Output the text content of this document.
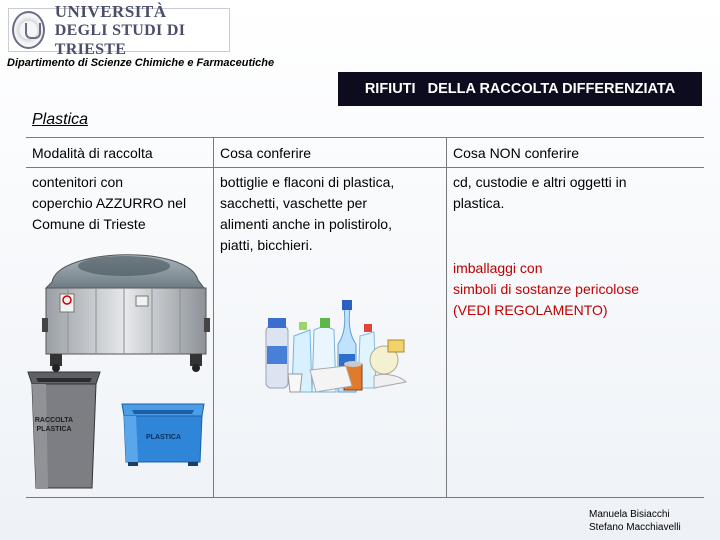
UNIVERSITÀ
DEGLI STUDI DI TRIESTE
Dipartimento di Scienze Chimiche e Farmaceutiche
RIFIUTI   DELLA RACCOLTA DIFFERENZIATA
Plastica
Modalità di raccolta	Cosa conferire	Cosa NON conferire
contenitori con
coperchio AZZURRO nel
Comune di Trieste
bottiglie e flaconi di plastica,
sacchetti, vaschette per
alimenti anche in polistirolo,
piatti, bicchieri.
cd, custodie e altri oggetti in
plastica.
imballaggi con
simboli di sostanze pericolose
(VEDI REGOLAMENTO)
RACCOLTA
PLASTICA
PLASTICA
Manuela Bisiacchi
Stefano Macchiavelli
